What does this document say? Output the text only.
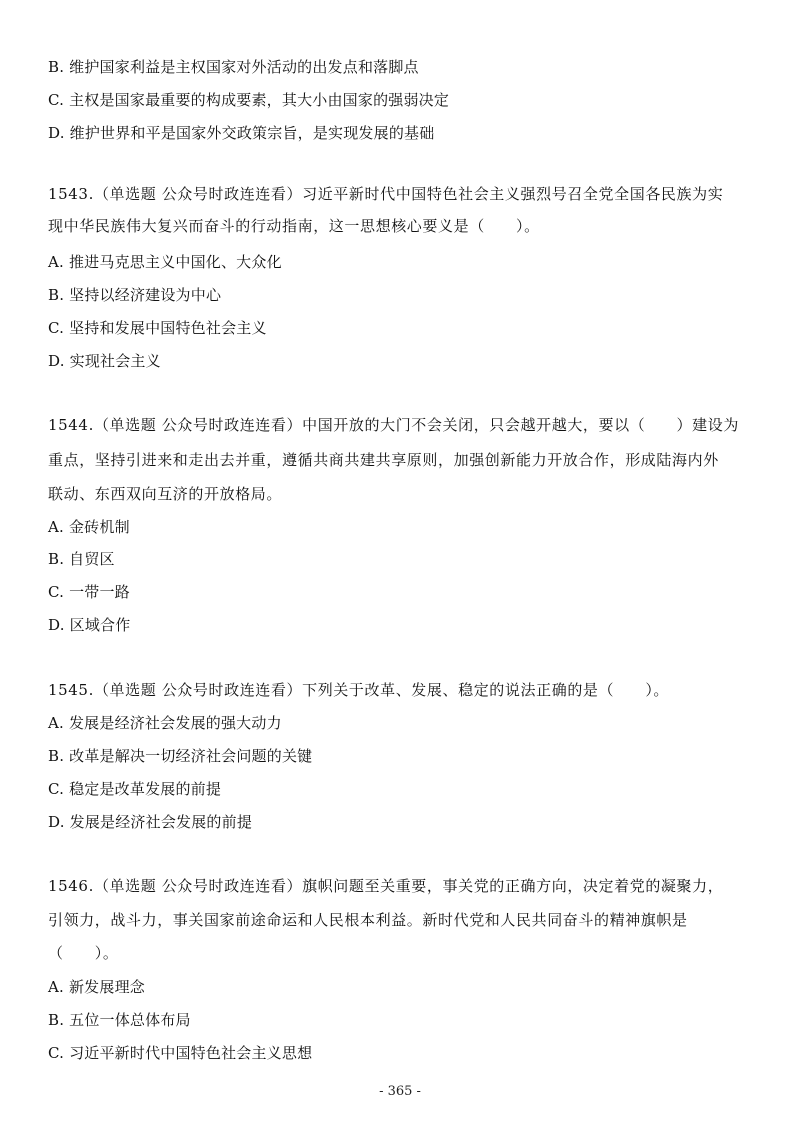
B. 维护国家利益是主权国家对外活动的出发点和落脚点
C. 主权是国家最重要的构成要素，其大小由国家的强弱决定
D. 维护世界和平是国家外交政策宗旨，是实现发展的基础
1543.（单选题 公众号时政连连看）习近平新时代中国特色社会主义强烈号召全党全国各民族为实
现中华民族伟大复兴而奋斗的行动指南，这一思想核心要义是（　　）。
A. 推进马克思主义中国化、大众化
B. 坚持以经济建设为中心
C. 坚持和发展中国特色社会主义
D. 实现社会主义
1544.（单选题 公众号时政连连看）中国开放的大门不会关闭，只会越开越大，要以（　　）建设为
重点，坚持引进来和走出去并重，遵循共商共建共享原则，加强创新能力开放合作，形成陆海内外
联动、东西双向互济的开放格局。
A. 金砖机制
B. 自贸区
C. 一带一路
D. 区域合作
1545.（单选题 公众号时政连连看）下列关于改革、发展、稳定的说法正确的是（　　）。
A. 发展是经济社会发展的强大动力
B. 改革是解决一切经济社会问题的关键
C. 稳定是改革发展的前提
D. 发展是经济社会发展的前提
1546.（单选题 公众号时政连连看）旗帜问题至关重要，事关党的正确方向，决定着党的凝聚力，
引领力，战斗力，事关国家前途命运和人民根本利益。新时代党和人民共同奋斗的精神旗帜是
（　　）。
A. 新发展理念
B. 五位一体总体布局
C. 习近平新时代中国特色社会主义思想
- 365 -
